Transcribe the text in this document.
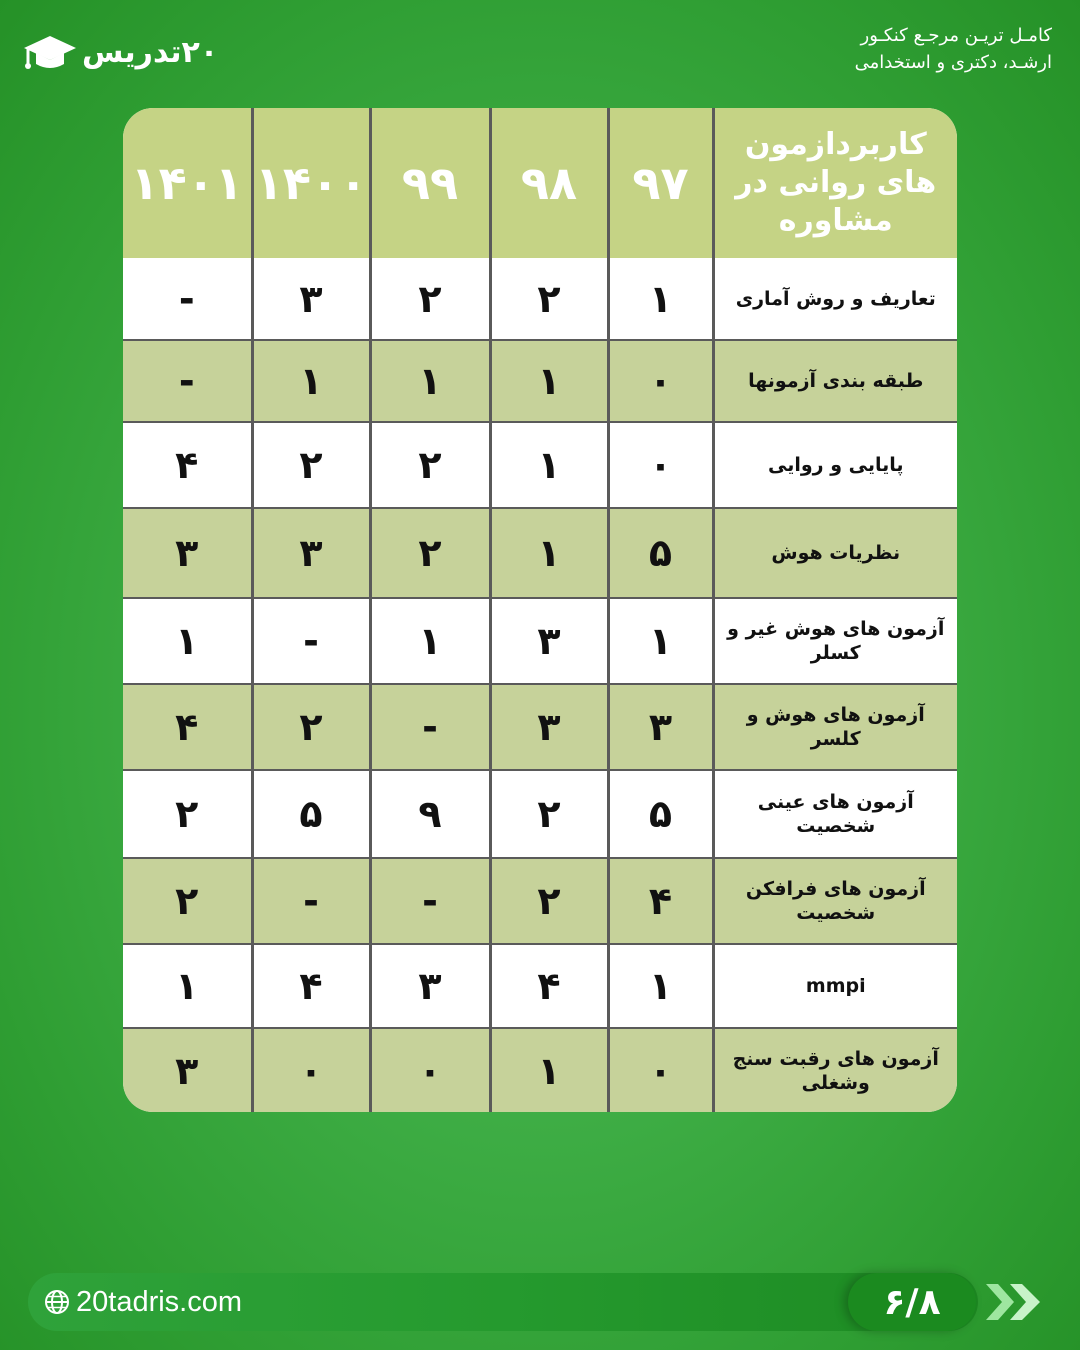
۲۰تدریس	کامـل تریـن مرجـع کنکـور
ارشـد، دکتری و استخدامی
کاربردازمون های روانی در مشاوره	۹۷	۹۸	۹۹	۱۴۰۰	۱۴۰۱
تعاریف و روش آماری	۱	۲	۲	۳	-
طبقه بندی آزمونها	۰	۱	۱	۱	-
پایایی و روایی	۰	۱	۲	۲	۴
نظریات هوش	۵	۱	۲	۳	۳
آزمون های هوش غیر و کسلر	۱	۳	۱	-	۱
آزمون های هوش و کلسر	۳	۳	-	۲	۴
آزمون های عینی شخصیت	۵	۲	۹	۵	۲
آزمون های فرافکن شخصیت	۴	۲	-	-	۲
mmpi	۱	۴	۳	۴	۱
آزمون های رقبت سنج وشغلی	۰	۱	۰	۰	۳
20tadris.com	۶/۸
